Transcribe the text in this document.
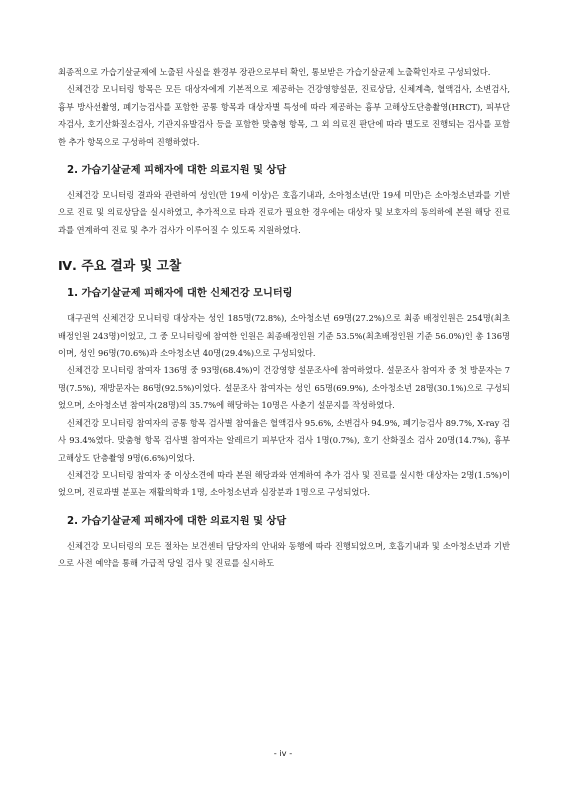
최종적으로 가습기살균제에 노출된 사실을 환경부 장관으로부터 확인, 통보받은 가습기살균제 노출확인자로 구성되었다.

신체건강 모니터링 항목은 모든 대상자에게 기본적으로 제공하는 건강영향설문, 진료상담, 신체계측, 혈액검사, 소변검사, 흉부 방사선촬영, 폐기능검사를 포함한 공통 항목과 대상자별 특성에 따라 제공하는 흉부 고해상도단층촬영(HRCT), 피부단자검사, 호기산화질소검사, 기관지유발검사 등을 포함한 맞춤형 항목, 그 외 의료진 판단에 따라 별도로 진행되는 검사를 포함한 추가 항목으로 구성하여 진행하였다.

2. 가습기살균제 피해자에 대한 의료지원 및 상담

신체건강 모니터링 결과와 관련하여 성인(만 19세 이상)은 호흡기내과, 소아청소년(만 19세 미만)은 소아청소년과를 기반으로 진료 및 의료상담을 실시하였고, 추가적으로 타과 진료가 필요한 경우에는 대상자 및 보호자의 동의하에 본원 해당 진료과를 연계하여 진료 및 추가 검사가 이루어질 수 있도록 지원하였다.

Ⅳ. 주요 결과 및 고찰
1. 가습기살균제 피해자에 대한 신체건강 모니터링

대구권역 신체건강 모니터링 대상자는 성인 185명(72.8%), 소아청소년 69명(27.2%)으로 최종 배정인원은 254명(최초배정인원 243명)이었고, 그 중 모니터링에 참여한 인원은 최종배정인원 기준 53.5%(최초배정인원 기준 56.0%)인 총 136명이며, 성인 96명(70.6%)과 소아청소년 40명(29.4%)으로 구성되었다.

신체건강 모니터링 참여자 136명 중 93명(68.4%)이 건강영향 설문조사에 참여하였다. 설문조사 참여자 중 첫 방문자는 7명(7.5%), 재방문자는 86명(92.5%)이었다. 설문조사 참여자는 성인 65명(69.9%), 소아청소년 28명(30.1%)으로 구성되었으며, 소아청소년 참여자(28명)의 35.7%에 해당하는 10명은 사춘기 설문지를 작성하였다.

신체건강 모니터링 참여자의 공통 항목 검사별 참여율은 혈액검사 95.6%, 소변검사 94.9%, 폐기능검사 89.7%, X-ray 검사 93.4%였다. 맞춤형 항목 검사별 참여자는 알레르기 피부단자 검사 1명(0.7%), 호기 산화질소 검사 20명(14.7%), 흉부 고해상도 단층촬영 9명(6.6%)이었다.

신체건강 모니터링 참여자 중 이상소견에 따라 본원 해당과와 연계하여 추가 검사 및 진료를 실시한 대상자는 2명(1.5%)이었으며, 진료과별 분포는 재활의학과 1명, 소아청소년과 심장분과 1명으로 구성되었다.

2. 가습기살균제 피해자에 대한 의료지원 및 상담

신체건강 모니터링의 모든 절차는 보건센터 담당자의 안내와 동행에 따라 진행되었으며, 호흡기내과 및 소아청소년과 기반으로 사전 예약을 통해 가급적 당일 검사 및 진료를 실시하도

- iv -
